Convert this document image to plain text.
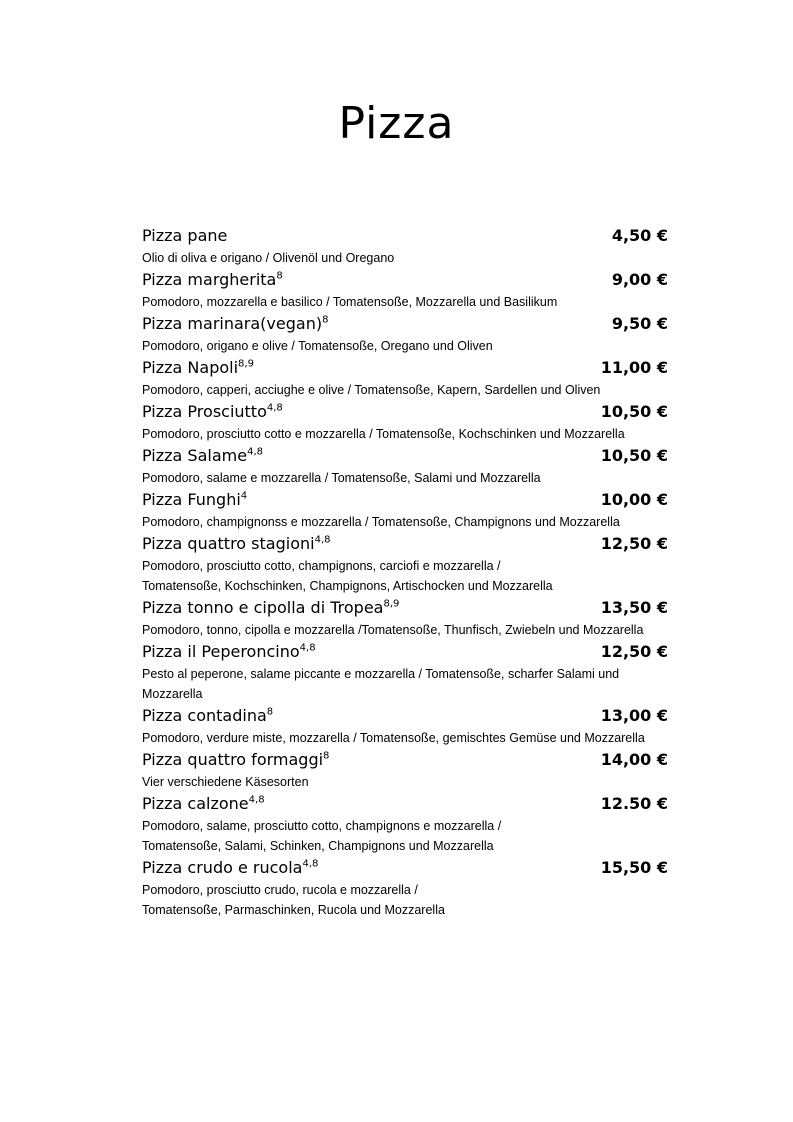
Pizza
Pizza pane	4,50 €
Olio di oliva e origano / Olivenöl und Oregano
Pizza margherita$^8$	9,00 €
Pomodoro, mozzarella e basilico / Tomatensoße, Mozzarella und Basilikum
Pizza marinara(vegan)$^8$	9,50 €
Pomodoro, origano e olive / Tomatensoße, Oregano und Oliven
Pizza Napoli$^{8,9}$	11,00 €
Pomodoro, capperi, acciughe e olive / Tomatensoße, Kapern, Sardellen und Oliven
Pizza Prosciutto$^{4,8}$	10,50 €
Pomodoro, prosciutto cotto e mozzarella / Tomatensoße, Kochschinken und Mozzarella
Pizza Salame$^{4,8}$	10,50 €
Pomodoro, salame e mozzarella / Tomatensoße, Salami und Mozzarella
Pizza Funghi$^4$	10,00 €
Pomodoro, champignonss e mozzarella / Tomatensoße, Champignons und Mozzarella
Pizza quattro stagioni$^{4,8}$	12,50 €
Pomodoro, prosciutto cotto, champignons, carciofi e mozzarella /
Tomatensoße, Kochschinken, Champignons, Artischocken und Mozzarella
Pizza tonno e cipolla di Tropea$^{8,9}$	13,50 €
Pomodoro, tonno, cipolla e mozzarella /Tomatensoße, Thunfisch, Zwiebeln und Mozzarella
Pizza il Peperoncino$^{4,8}$	12,50 €
Pesto al peperone, salame piccante e mozzarella / Tomatensoße, scharfer Salami und
Mozzarella
Pizza contadina$^8$	13,00 €
Pomodoro, verdure miste, mozzarella / Tomatensoße, gemischtes Gemüse und Mozzarella
Pizza quattro formaggi$^8$	14,00 €
Vier verschiedene Käsesorten
Pizza calzone$^{4,8}$	12.50 €
Pomodoro, salame, prosciutto cotto, champignons e mozzarella /
Tomatensoße, Salami, Schinken, Champignons und Mozzarella
Pizza crudo e rucola$^{4,8}$	15,50 €
Pomodoro, prosciutto crudo, rucola e mozzarella /
Tomatensoße, Parmaschinken, Rucola und Mozzarella
